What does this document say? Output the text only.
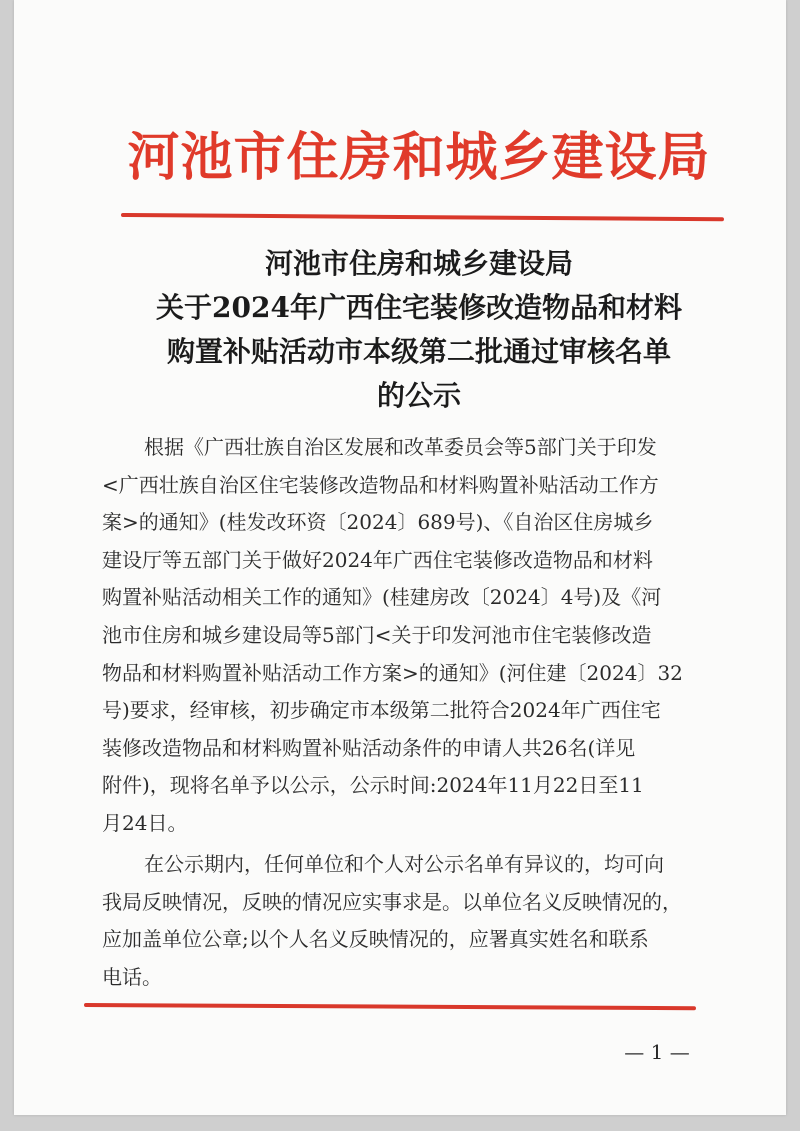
河池市住房和城乡建设局
河池市住房和城乡建设局
关于2024年广西住宅装修改造物品和材料
购置补贴活动市本级第二批通过审核名单
的公示
根据《广西壮族自治区发展和改革委员会等5部门关于印发
<广西壮族自治区住宅装修改造物品和材料购置补贴活动工作方
案>的通知》(桂发改环资〔2024〕689号)、《自治区住房城乡
建设厅等五部门关于做好2024年广西住宅装修改造物品和材料
购置补贴活动相关工作的通知》(桂建房改〔2024〕4号)及《河
池市住房和城乡建设局等5部门<关于印发河池市住宅装修改造
物品和材料购置补贴活动工作方案>的通知》(河住建〔2024〕32
号)要求，经审核，初步确定市本级第二批符合2024年广西住宅
装修改造物品和材料购置补贴活动条件的申请人共26名(详见
附件)，现将名单予以公示，公示时间:2024年11月22日至11
月24日。
在公示期内，任何单位和个人对公示名单有异议的，均可向
我局反映情况，反映的情况应实事求是。以单位名义反映情况的，
应加盖单位公章;以个人名义反映情况的，应署真实姓名和联系
电话。
— 1 —
